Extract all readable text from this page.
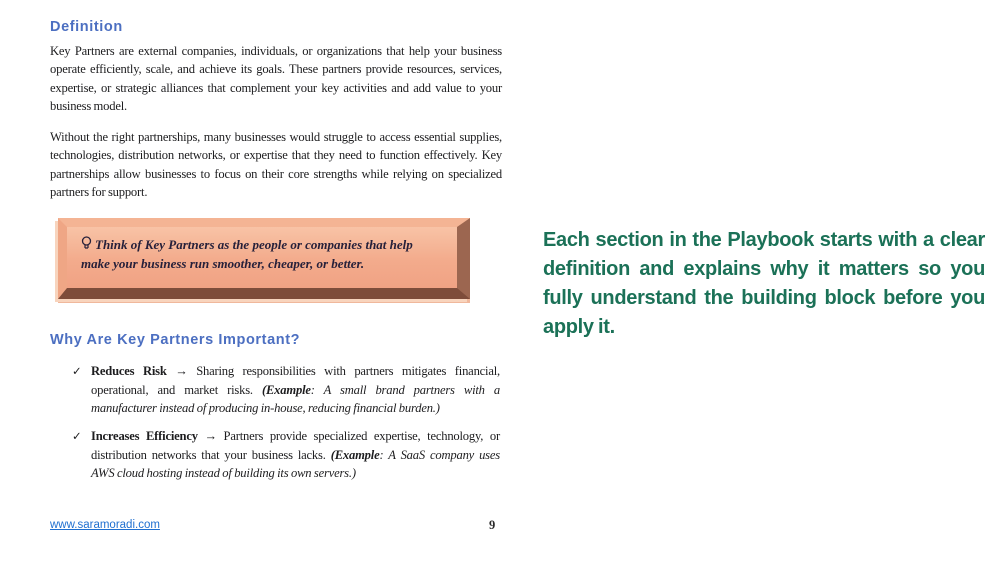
Definition

Key Partners are external companies, individuals, or organizations that help your business operate efficiently, scale, and achieve its goals. These partners provide resources, services, expertise, or strategic alliances that complement your key activities and add value to your business model.

Without the right partnerships, many businesses would struggle to access essential supplies, technologies, distribution networks, or expertise that they need to function effectively. Key partnerships allow businesses to focus on their core strengths while relying on specialized partners for support.

Think of Key Partners as the people or companies that help make your business run smoother, cheaper, or better.
Why Are Key Partners Important?
✓ Reduces Risk → Sharing responsibilities with partners mitigates financial, operational, and market risks. (Example: A small brand partners with a manufacturer instead of producing in-house, reducing financial burden.)
✓ Increases Efficiency → Partners provide specialized expertise, technology, or distribution networks that your business lacks. (Example: A SaaS company uses AWS cloud hosting instead of building its own servers.)
www.saramoradi.com	9
Each section in the Playbook starts with a clear definition and explains why it matters so you fully understand the building block before you apply it.
